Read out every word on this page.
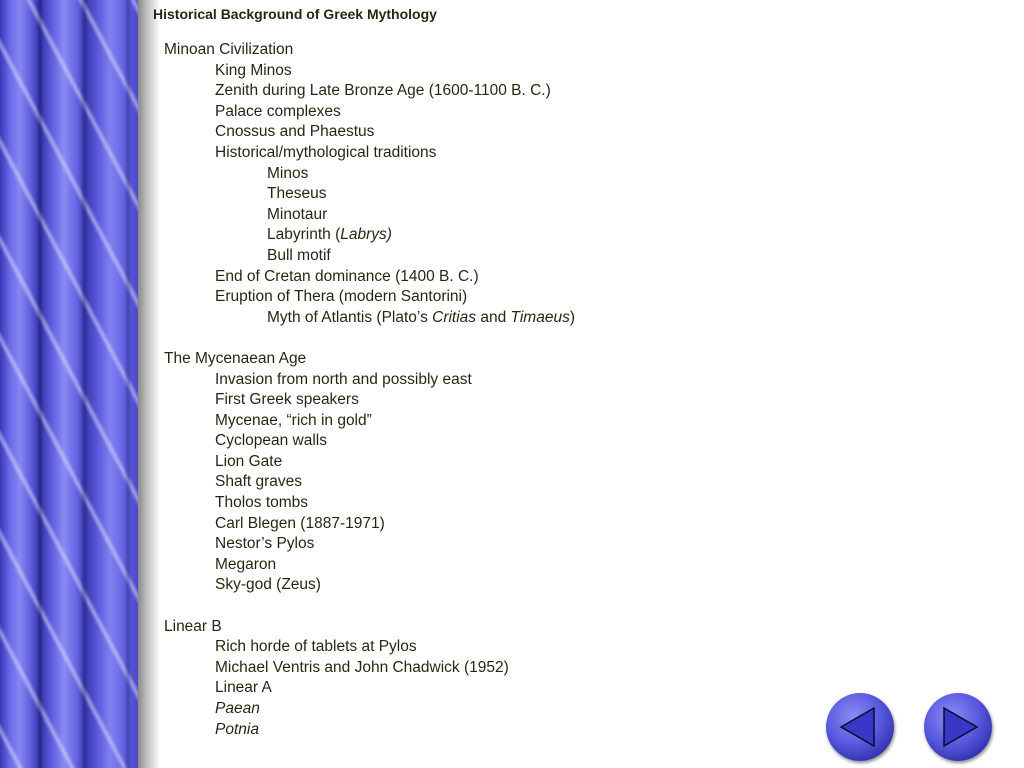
Historical Background of Greek Mythology
Minoan Civilization
King Minos
Zenith during Late Bronze Age (1600-1100 B. C.)
Palace complexes
Cnossus and Phaestus
Historical/mythological traditions
Minos
Theseus
Minotaur
Labyrinth (Labrys)
Bull motif
End of Cretan dominance (1400 B. C.)
Eruption of Thera (modern Santorini)
Myth of Atlantis (Plato’s Critias and Timaeus)
The Mycenaean Age
Invasion from north and possibly east
First Greek speakers
Mycenae, “rich in gold”
Cyclopean walls
Lion Gate
Shaft graves
Tholos tombs
Carl Blegen (1887-1971)
Nestor’s Pylos
Megaron
Sky-god (Zeus)
Linear B
Rich horde of tablets at Pylos
Michael Ventris and John Chadwick (1952)
Linear A
Paean
Potnia
